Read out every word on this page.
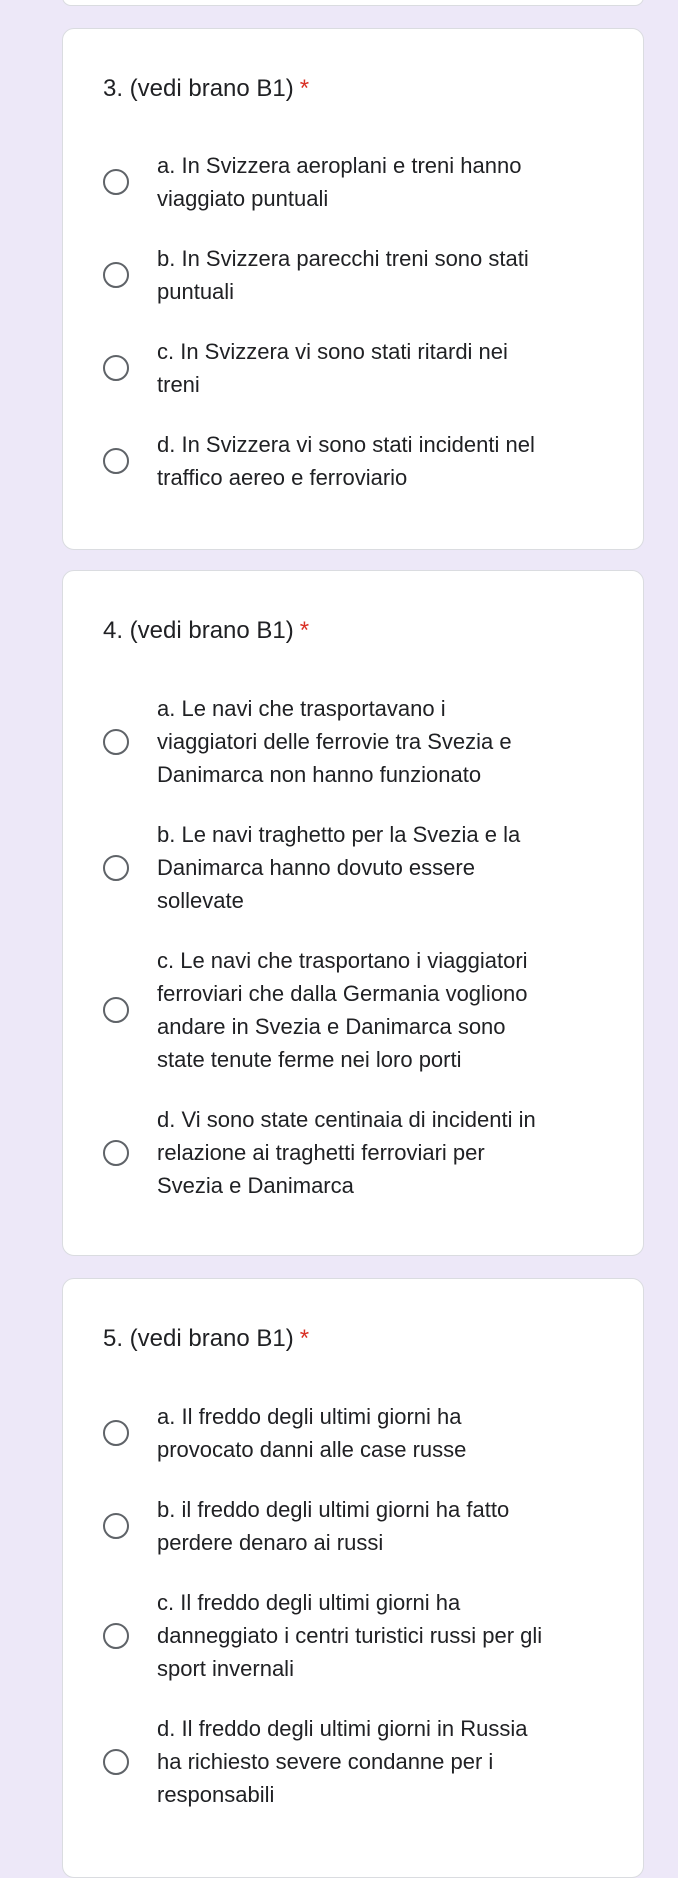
3. (vedi brano B1) *
a. In Svizzera aeroplani e treni hanno
viaggiato puntuali
b. In Svizzera parecchi treni sono stati
puntuali
c. In Svizzera vi sono stati ritardi nei
treni
d. In Svizzera vi sono stati incidenti nel
traffico aereo e ferroviario
4. (vedi brano B1) *
a. Le navi che trasportavano i
viaggiatori delle ferrovie tra Svezia e
Danimarca non hanno funzionato
b. Le navi traghetto per la Svezia e la
Danimarca hanno dovuto essere
sollevate
c. Le navi che trasportano i viaggiatori
ferroviari che dalla Germania vogliono
andare in Svezia e Danimarca sono
state tenute ferme nei loro porti
d. Vi sono state centinaia di incidenti in
relazione ai traghetti ferroviari per
Svezia e Danimarca
5. (vedi brano B1) *
a. Il freddo degli ultimi giorni ha
provocato danni alle case russe
b. il freddo degli ultimi giorni ha fatto
perdere denaro ai russi
c. Il freddo degli ultimi giorni ha
danneggiato i centri turistici russi per gli
sport invernali
d. Il freddo degli ultimi giorni in Russia
ha richiesto severe condanne per i
responsabili
